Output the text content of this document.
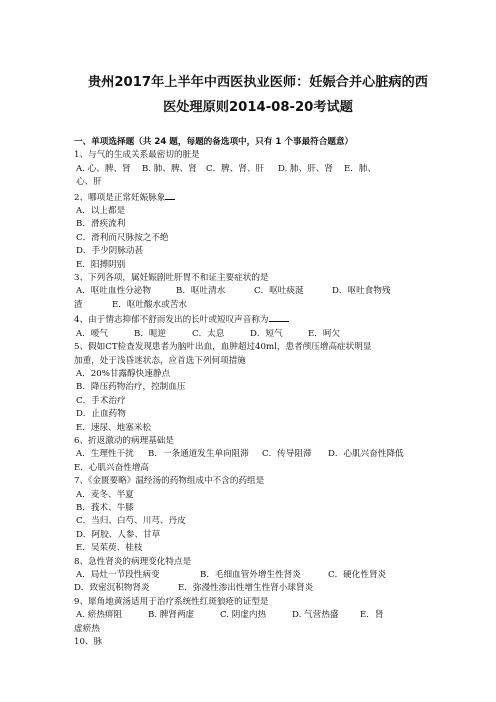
贵州2017年上半年中西医执业医师：妊娠合并心脏病的西
医处理原则2014-08-20考试题
一、单项选择题（共 24 题，每题的备选项中，只有 1 个事最符合题意）
1、与气的生成关系最密切的脏是
A. 心、脾、肾	B. 肺、脾、肾	C．脾、肾、肝	D. 肺、肝、肾	E．肺、
心、肝
2、哪项是正常妊娠脉象
A．以上都是
B．滑疾流利
C．滑利而尺脉按之不绝
D．手少阴脉动甚
E．阳搏阴别
3、下列各项，属妊娠剧吐肝胃不和证主要症状的是
A．呕吐血性分泌物	B．呕吐清水	C．呕吐痰涎	D．呕吐食物残
渣	E．呕吐酸水或苦水
4、由于情志抑郁不舒而发出的长叶或短叹声音称为
A．嗳气	B．呃逆	C．太息	D．短气	E．呵欠
5、假如CT检查发现患者为脑叶出血，血肿超过40ml，患者颅压增高症状明显
加重，处于浅昏迷状态，应首选下列何项措施
A．20%甘露醇快速静点
B．降压药物治疗，控制血压
C．手术治疗
D．止血药物
E．速尿、地塞米松
6、折返激动的病理基础是
A．生理性干扰	B．一条通道发生单向阻滞	C．传导阻滞	D．心肌兴奋性降低
E．心肌兴奋性增高
7、《金匮要略》温经汤的药物组成中不含的药组是
A．麦冬、半夏
B．莪术、牛膝
C．当归、白芍、川芎、丹皮
D．阿胶、人参、甘草
E．吴茱萸、桂枝
8、急性肾炎的病理变化特点是
A．局灶一节段性病变	B．毛细血管外增生性肾炎	C．硬化性肾炎
D．致密沉积物肾炎	E．弥漫性渗出性增生性肾小球肾炎
9、犀角地黄汤适用于治疗系统性红斑狼疮的证型是
A. 瘀热痹阻	B. 脾肾两虚	C. 阴虚内热	D. 气营热盛	E．肾
虚瘀热
10、脉
